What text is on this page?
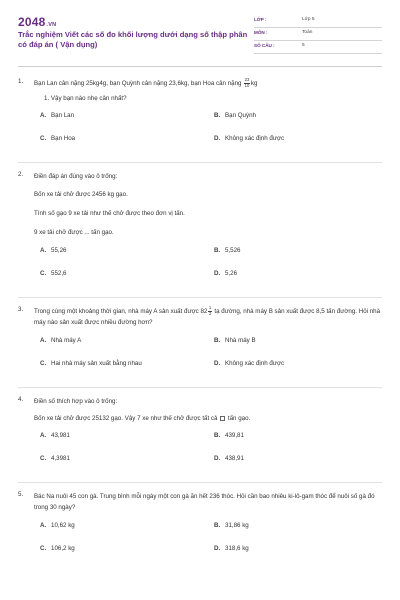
2048.VN
Trắc nghiệm Viết các số đo khối lượng dưới dạng số thập phân có đáp án ( Vận dụng)
LỚP :	Lớp 5
MÔN :	Toán
SỐ CÂU :	5
1.	Bạn Lan cân nặng 25kg4g, bạn Quỳnh cân nặng 23,6kg, bạn Hoa cân nặng $\frac{23}{10}$ kg
1. Vậy bạn nào nhẹ cân nhất?
A. Bạn Lan	B. Bạn Quỳnh
C. Bạn Hoa	D. Không xác định được
2.	Điền đáp án đúng vào ô trống:
Bốn xe tải chở được 2456 kg gạo.
Tính số gạo 9 xe tải như thế chở được theo đơn vị tấn.
9 xe tải chở được ... tấn gạo.
A. 55,26	B. 5,526
C. 552,6	D. 5,26
3.	Trong cùng một khoảng thời gian, nhà máy A sản xuất được $82 \frac{1}{2}$ tạ đường, nhà máy B sản xuất được 8,5 tấn đường. Hỏi nhà máy nào sản xuất được nhiều đường hơn?
A. Nhà máy A	B. Nhà máy B
C. Hai nhà máy sản xuất bằng nhau	D. Không xác định được
4.	Điền số thích hợp vào ô trống:
Bốn xe tải chở được 25132 gạo. Vậy 7 xe như thế chở được tất cả  tấn gạo.
A. 43,981	B. 439,81
C. 4,3981	D. 438,91
5.	Bác Na nuôi 45 con gà. Trung bình mỗi ngày một con gà ăn hết 236 thóc. Hỏi cần bao nhiêu ki-lô-gam thóc để nuôi số gà đó trong 30 ngày?
A. 10,62 kg	B. 31,86 kg
C. 106,2 kg	D. 318,6 kg
